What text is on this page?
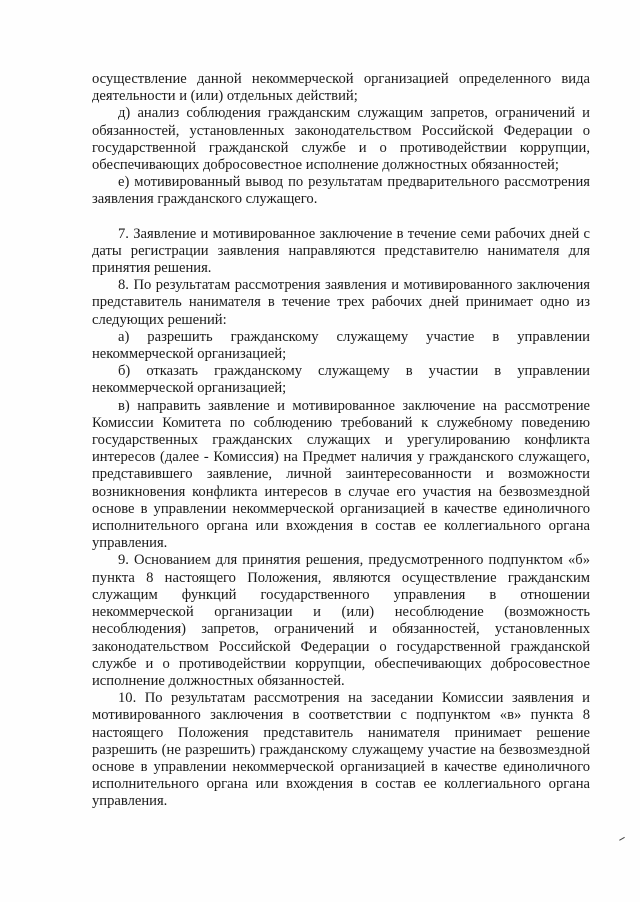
осуществление данной некоммерческой организацией определенного вида деятельности и (или) отдельных действий;

д) анализ соблюдения гражданским служащим запретов, ограничений и обязанностей, установленных законодательством Российской Федерации о государственной гражданской службе и о противодействии коррупции, обеспечивающих добросовестное исполнение должностных обязанностей;

е) мотивированный вывод по результатам предварительного рассмотрения заявления гражданского служащего.

7. Заявление и мотивированное заключение в течение семи рабочих дней с даты регистрации заявления направляются представителю нанимателя для принятия решения.

8. По результатам рассмотрения заявления и мотивированного заключения представитель нанимателя в течение трех рабочих дней принимает одно из следующих решений:

а) разрешить гражданскому служащему участие в управлении некоммерческой организацией;

б) отказать гражданскому служащему в участии в управлении некоммерческой организацией;

в) направить заявление и мотивированное заключение на рассмотрение Комиссии Комитета по соблюдению требований к служебному поведению государственных гражданских служащих и урегулированию конфликта интересов (далее - Комиссия) на Предмет наличия у гражданского служащего, представившего заявление, личной заинтересованности и возможности возникновения конфликта интересов в случае его участия на безвозмездной основе в управлении некоммерческой организацией в качестве единоличного исполнительного органа или вхождения в состав ее коллегиального органа управления.

9. Основанием для принятия решения, предусмотренного подпунктом «б» пункта 8 настоящего Положения, являются осуществление гражданским служащим функций государственного управления в отношении некоммерческой организации и (или) несоблюдение (возможность несоблюдения) запретов, ограничений и обязанностей, установленных законодательством Российской Федерации о государственной гражданской службе и о противодействии коррупции, обеспечивающих добросовестное исполнение должностных обязанностей.

10. По результатам рассмотрения на заседании Комиссии заявления и мотивированного заключения в соответствии с подпунктом «в» пункта 8 настоящего Положения представитель нанимателя принимает решение разрешить (не разрешить) гражданскому служащему участие на безвозмездной основе в управлении некоммерческой организацией в качестве единоличного исполнительного органа или вхождения в состав ее коллегиального органа управления.
